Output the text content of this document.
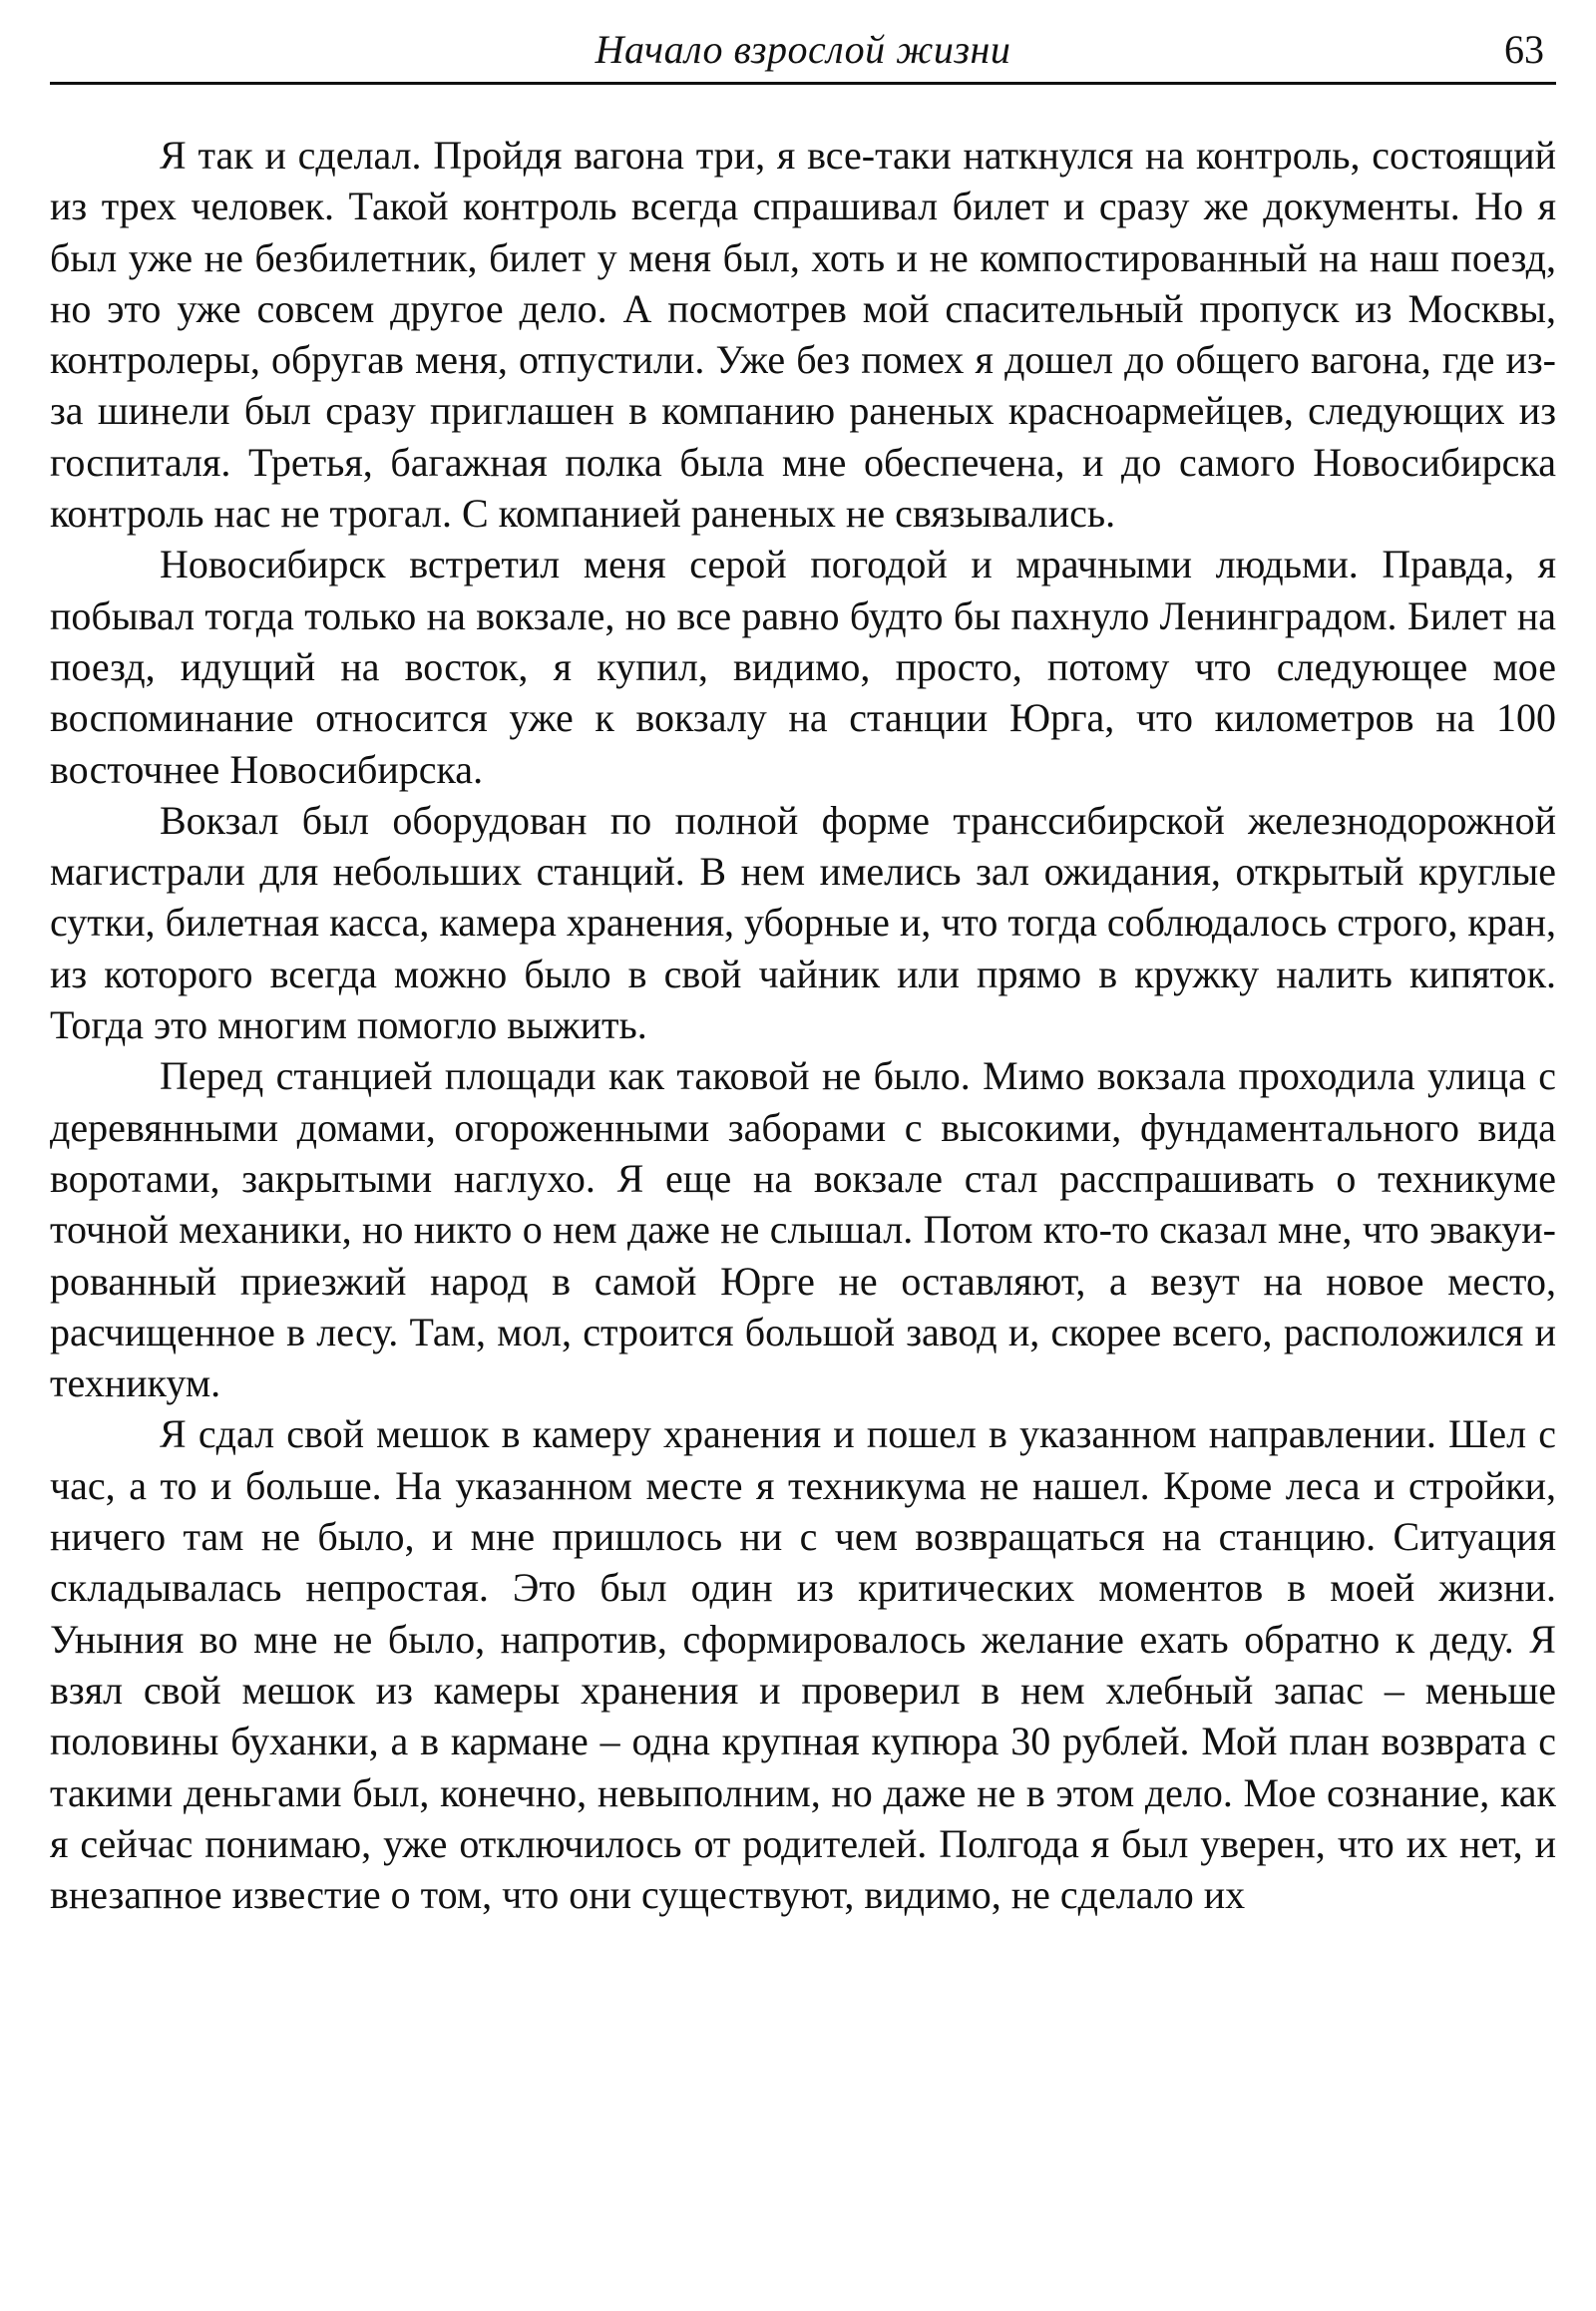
Начало взрослой жизни	63

Я так и сделал. Пройдя вагона три, я все-таки наткнулся на контроль, состоящий из трех человек. Такой контроль всегда спрашивал билет и сразу же документы. Но я был уже не безбилетник, билет у меня был, хоть и не компостированный на наш поезд, но это уже совсем другое дело. А посмотрев мой спасительный пропуск из Москвы, контролеры, обругав меня, отпустили. Уже без помех я дошел до общего вагона, где из-за шинели был сразу приглашен в компанию раненых красноармейцев, следующих из госпиталя. Третья, багажная полка была мне обеспечена, и до самого Новосибирска контроль нас не трогал. С компанией раненых не связывались.

Новосибирск встретил меня серой погодой и мрачными людьми. Правда, я побывал тогда только на вокзале, но все равно будто бы пахнуло Ленинградом. Билет на поезд, идущий на восток, я купил, видимо, просто, потому что следующее мое воспоминание относится уже к вокзалу на станции Юрга, что километров на 100 восточнее Новосибирска.

Вокзал был оборудован по полной форме транссибирской железнодорожной магистрали для небольших станций. В нем имелись зал ожидания, открытый круглые сутки, билетная касса, камера хранения, уборные и, что тогда соблюдалось строго, кран, из которого всегда можно было в свой чайник или прямо в кружку налить кипяток. Тогда это многим помогло выжить.

Перед станцией площади как таковой не было. Мимо вокзала проходила улица с деревянными домами, огороженными заборами с высокими, фундаментального вида воротами, закрытыми наглухо. Я еще на вокзале стал расспрашивать о техникуме точной механики, но никто о нем даже не слышал. Потом кто-то сказал мне, что эвакуированный приезжий народ в самой Юрге не оставляют, а везут на новое место, расчищенное в лесу. Там, мол, строится большой завод и, скорее всего, расположился и техникум.

Я сдал свой мешок в камеру хранения и пошел в указанном направлении. Шел с час, а то и больше. На указанном месте я техникума не нашел. Кроме леса и стройки, ничего там не было, и мне пришлось ни с чем возвращаться на станцию. Ситуация складывалась непростая. Это был один из критических моментов в моей жизни. Уныния во мне не было, напротив, сформировалось желание ехать обратно к деду. Я взял свой мешок из камеры хранения и проверил в нем хлебный запас – меньше половины буханки, а в кармане – одна крупная купюра 30 рублей. Мой план возврата с такими деньгами был, конечно, невыполним, но даже не в этом дело. Мое сознание, как я сейчас понимаю, уже отключилось от родителей. Полгода я был уверен, что их нет, и внезапное известие о том, что они существуют, видимо, не сделало их
